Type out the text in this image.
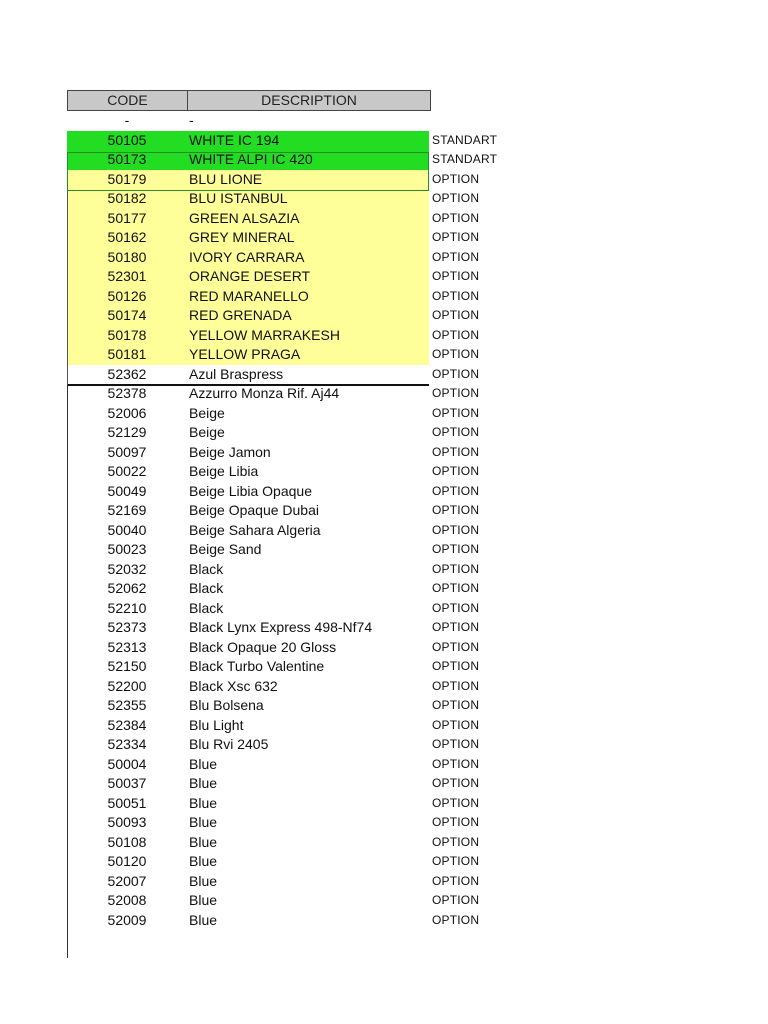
CODE	DESCRIPTION
-	-
50105	WHITE IC 194	STANDART
50173	WHITE ALPI IC 420	STANDART
50179	BLU LIONE	OPTION
50182	BLU ISTANBUL	OPTION
50177	GREEN ALSAZIA	OPTION
50162	GREY MINERAL	OPTION
50180	IVORY CARRARA	OPTION
52301	ORANGE DESERT	OPTION
50126	RED MARANELLO	OPTION
50174	RED GRENADA	OPTION
50178	YELLOW MARRAKESH	OPTION
50181	YELLOW PRAGA	OPTION
52362	Azul Braspress	OPTION
52378	Azzurro Monza Rif. Aj44	OPTION
52006	Beige	OPTION
52129	Beige	OPTION
50097	Beige Jamon	OPTION
50022	Beige Libia	OPTION
50049	Beige Libia Opaque	OPTION
52169	Beige Opaque Dubai	OPTION
50040	Beige Sahara Algeria	OPTION
50023	Beige Sand	OPTION
52032	Black	OPTION
52062	Black	OPTION
52210	Black	OPTION
52373	Black Lynx Express 498-Nf74	OPTION
52313	Black Opaque 20 Gloss	OPTION
52150	Black Turbo Valentine	OPTION
52200	Black Xsc 632	OPTION
52355	Blu Bolsena	OPTION
52384	Blu Light	OPTION
52334	Blu Rvi 2405	OPTION
50004	Blue	OPTION
50037	Blue	OPTION
50051	Blue	OPTION
50093	Blue	OPTION
50108	Blue	OPTION
50120	Blue	OPTION
52007	Blue	OPTION
52008	Blue	OPTION
52009	Blue	OPTION
